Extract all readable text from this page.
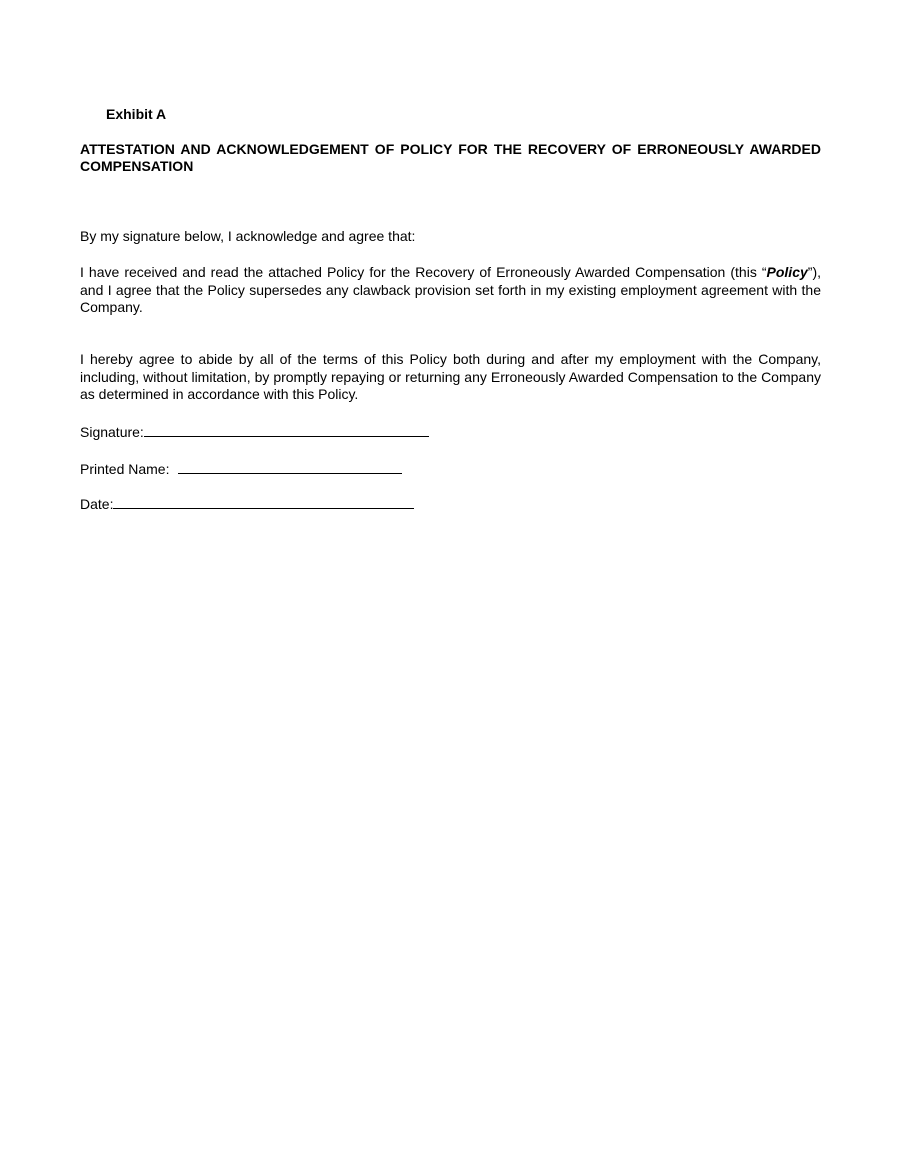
Exhibit A
ATTESTATION AND ACKNOWLEDGEMENT OF POLICY FOR THE RECOVERY OF ERRONEOUSLY AWARDED COMPENSATION
By my signature below, I acknowledge and agree that:
I have received and read the attached Policy for the Recovery of Erroneously Awarded Compensation (this “Policy”), and I agree that the Policy supersedes any clawback provision set forth in my existing employment agreement with the Company.
I hereby agree to abide by all of the terms of this Policy both during and after my employment with the Company, including, without limitation, by promptly repaying or returning any Erroneously Awarded Compensation to the Company as determined in accordance with this Policy.
Signature:
Printed Name:
Date:
